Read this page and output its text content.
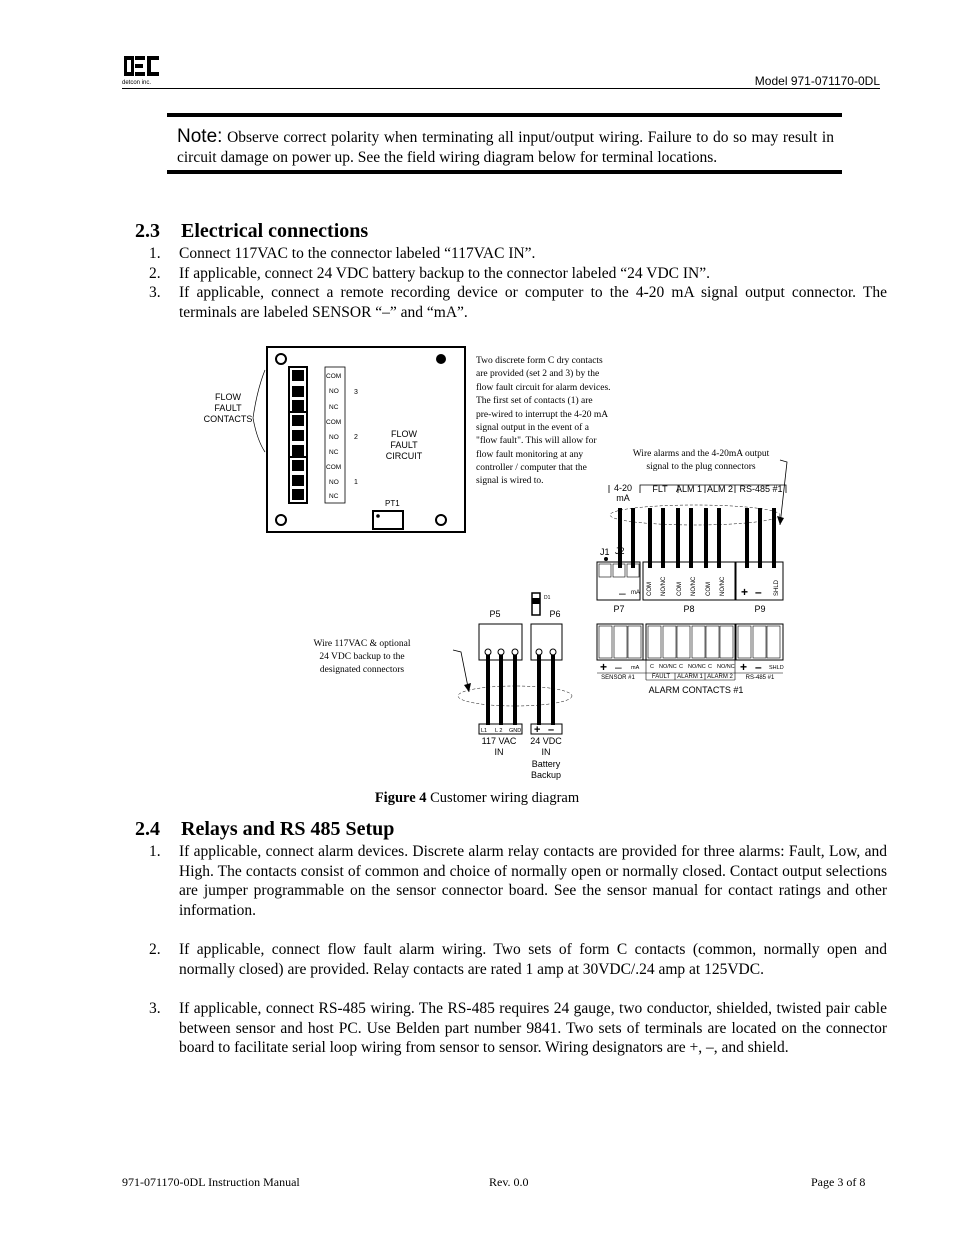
detcon inc.	Model 971-071170-0DL
Note: Observe correct polarity when terminating all input/output wiring. Failure to do so may result in circuit damage on power up. See the field wiring diagram below for terminal locations.
2.3 Electrical connections
1. Connect 117VAC to the connector labeled “117VAC IN”.
2. If applicable, connect 24 VDC battery backup to the connector labeled “24 VDC IN”.
3. If applicable, connect a remote recording device or computer to the 4-20 mA signal output connector. The terminals are labeled SENSOR “–” and “mA”.
COM
NO
NC
COM
NO
NC
COM
NO
NC
3
2
1
FLOW
FAULT
CIRCUIT
PT1
FLOW
FAULT
CONTACTS
Two discrete form C dry contacts
are provided (set 2 and 3) by the
flow fault circuit for alarm devices.
The first set of contacts (1) are
pre-wired to interrupt the 4-20 mA
signal output in the event of a
"flow fault". This will allow for
flow fault monitoring at any
controller / computer that the
signal is wired to.
Wire alarms and the 4-20mA output
signal to the plug connectors
4-20
mA
FLT ALM 1 ALM 2 RS-485 #1
J1 J2
– mA COM NO/NC COM NO/NC COM NO/NC + – SHLD
P7	P8	P9
D1
P5	P6
+ – mA C NO/NC C NO/NC C NO/NC + – SHLD
SENSOR #1	FAULT ALARM 1 ALARM 2 RS-485 #1
ALARM CONTACTS #1
Wire 117VAC & optional
24 VDC backup to the
designated connectors
L1 L 2 GND + –
117 VAC
IN
24 VDC
IN
Battery
Backup
Figure 4 Customer wiring diagram
2.4 Relays and RS 485 Setup
1. If applicable, connect alarm devices. Discrete alarm relay contacts are provided for three alarms: Fault, Low, and High. The contacts consist of common and choice of normally open or normally closed. Contact output selections are jumper programmable on the sensor connector board. See the sensor manual for contact ratings and other information.
2. If applicable, connect flow fault alarm wiring. Two sets of form C contacts (common, normally open and normally closed) are provided. Relay contacts are rated 1 amp at 30VDC/.24 amp at 125VDC.
3. If applicable, connect RS-485 wiring. The RS-485 requires 24 gauge, two conductor, shielded, twisted pair cable between sensor and host PC. Use Belden part number 9841. Two sets of terminals are located on the connector board to facilitate serial loop wiring from sensor to sensor. Wiring designators are +, –, and shield.
971-071170-0DL Instruction Manual	Rev. 0.0	Page 3 of 8
